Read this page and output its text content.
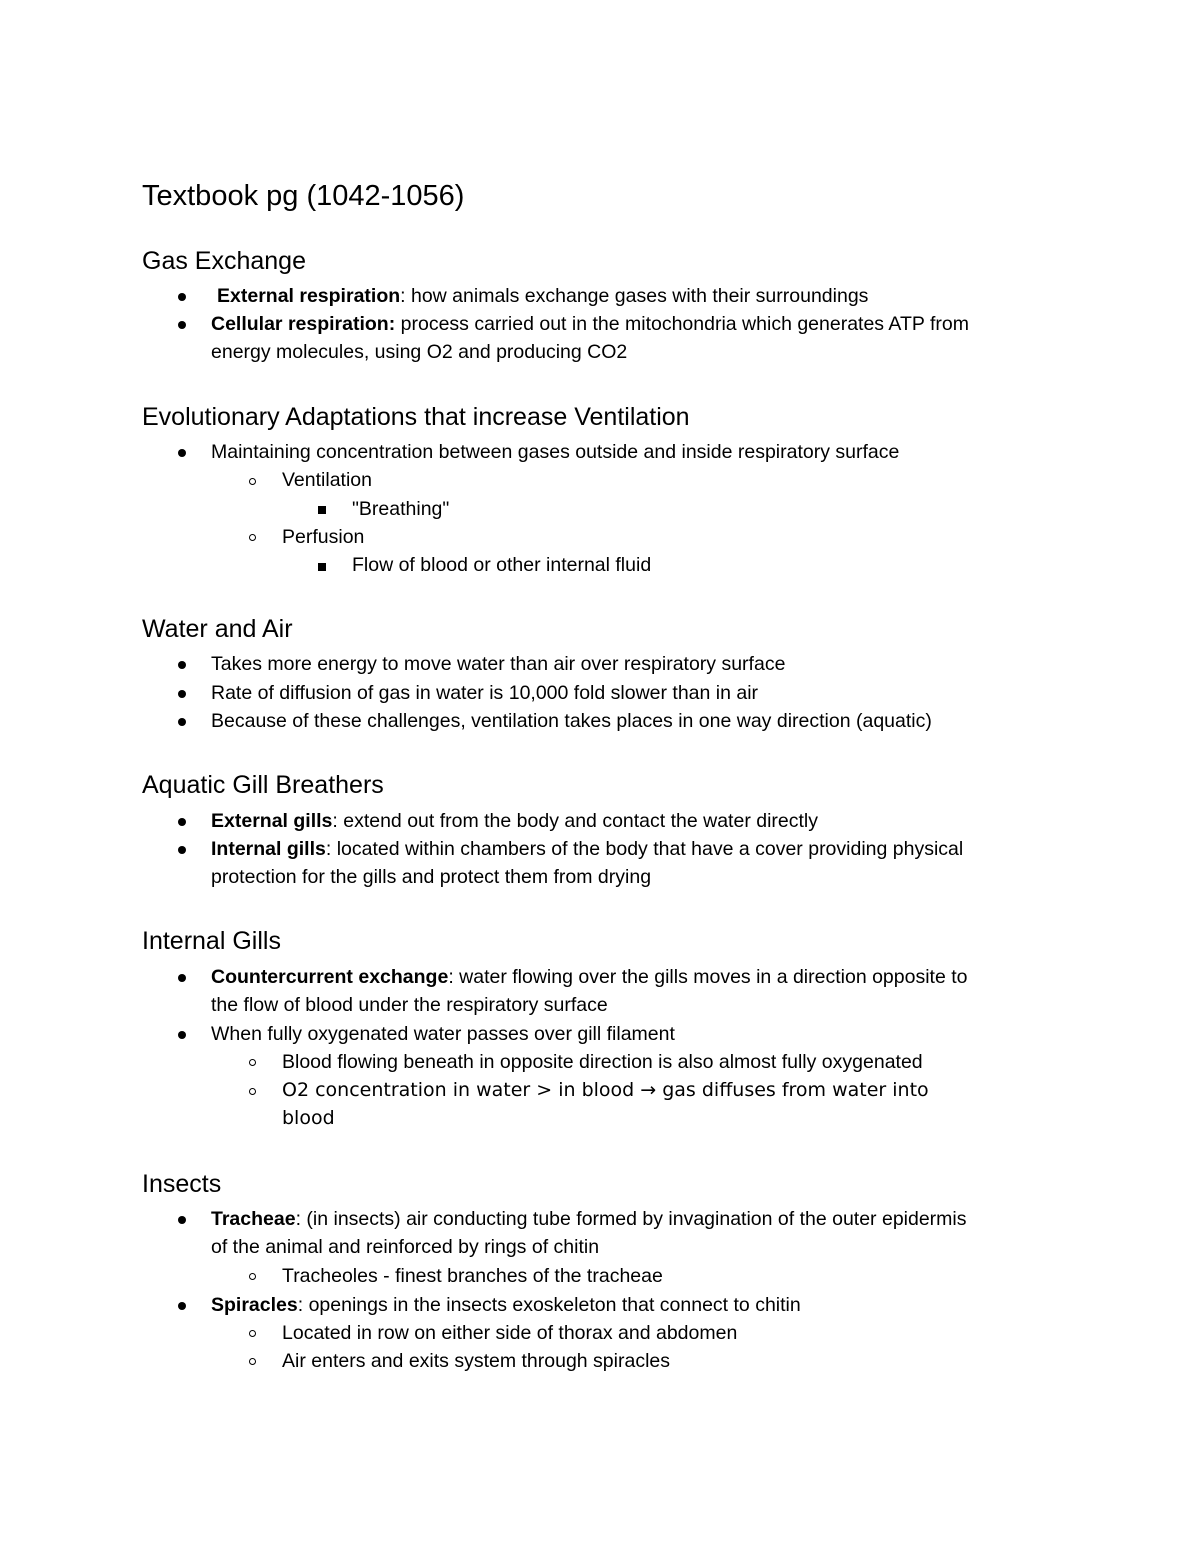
Textbook pg (1042-1056)
Gas Exchange

External respiration: how animals exchange gases with their surroundings

Cellular respiration: process carried out in the mitochondria which generates ATP from

energy molecules, using O2 and producing CO2

Evolutionary Adaptations that increase Ventilation

Maintaining concentration between gases outside and inside respiratory surface

Ventilation

"Breathing"

Perfusion

Flow of blood or other internal fluid

Water and Air

Takes more energy to move water than air over respiratory surface

Rate of diffusion of gas in water is 10,000 fold slower than in air

Because of these challenges, ventilation takes places in one way direction (aquatic)

Aquatic Gill Breathers

External gills: extend out from the body and contact the water directly

Internal gills: located within chambers of the body that have a cover providing physical

protection for the gills and protect them from drying

Internal Gills

Countercurrent exchange: water flowing over the gills moves in a direction opposite to

the flow of blood under the respiratory surface

When fully oxygenated water passes over gill filament

Blood flowing beneath in opposite direction is also almost fully oxygenated

O2 concentration in water > in blood → gas diffuses from water into

blood

Insects

Tracheae: (in insects) air conducting tube formed by invagination of the outer epidermis

of the animal and reinforced by rings of chitin

Tracheoles - finest branches of the tracheae

Spiracles: openings in the insects exoskeleton that connect to chitin

Located in row on either side of thorax and abdomen

Air enters and exits system through spiracles
